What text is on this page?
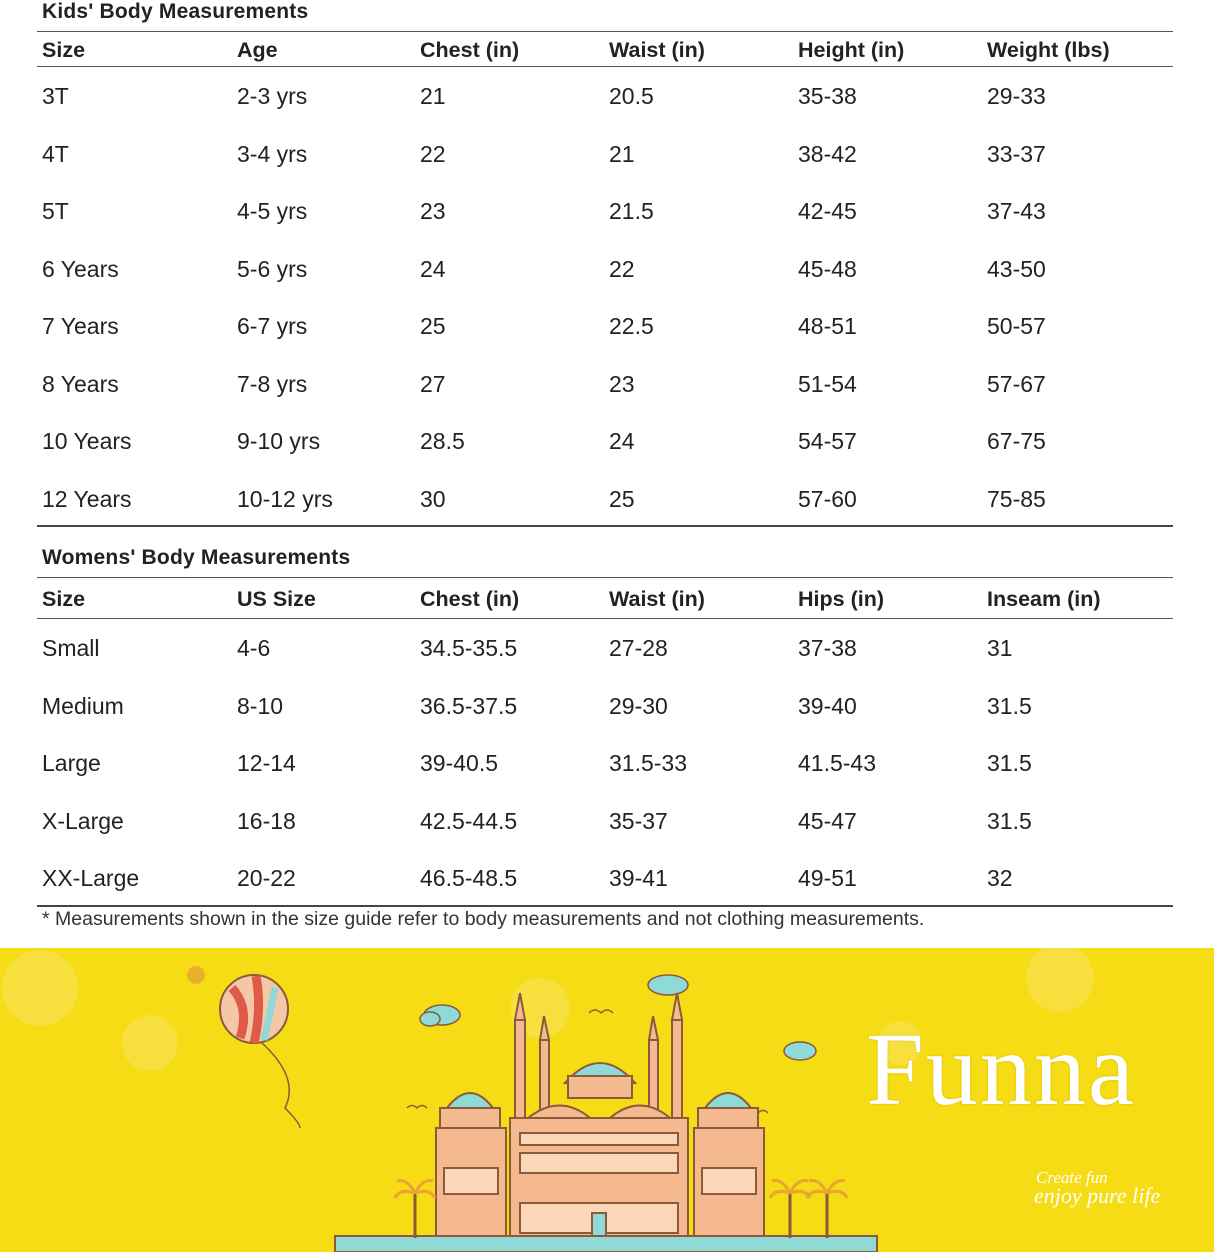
Kids' Body Measurements
Size	Age	Chest (in)	Waist (in)	Height (in)	Weight (lbs)
3T	2-3 yrs	21	20.5	35-38	29-33
4T	3-4 yrs	22	21	38-42	33-37
5T	4-5 yrs	23	21.5	42-45	37-43
6 Years	5-6 yrs	24	22	45-48	43-50
7 Years	6-7 yrs	25	22.5	48-51	50-57
8 Years	7-8 yrs	27	23	51-54	57-67
10 Years	9-10 yrs	28.5	24	54-57	67-75
12 Years	10-12 yrs	30	25	57-60	75-85
Womens' Body Measurements
Size	US Size	Chest (in)	Waist (in)	Hips (in)	Inseam (in)
Small	4-6	34.5-35.5	27-28	37-38	31
Medium	8-10	36.5-37.5	29-30	39-40	31.5
Large	12-14	39-40.5	31.5-33	41.5-43	31.5
X-Large	16-18	42.5-44.5	35-37	45-47	31.5
XX-Large	20-22	46.5-48.5	39-41	49-51	32
* Measurements shown in the size guide refer to body measurements and not clothing measurements.
Funna
Create fun
enjoy pure life
